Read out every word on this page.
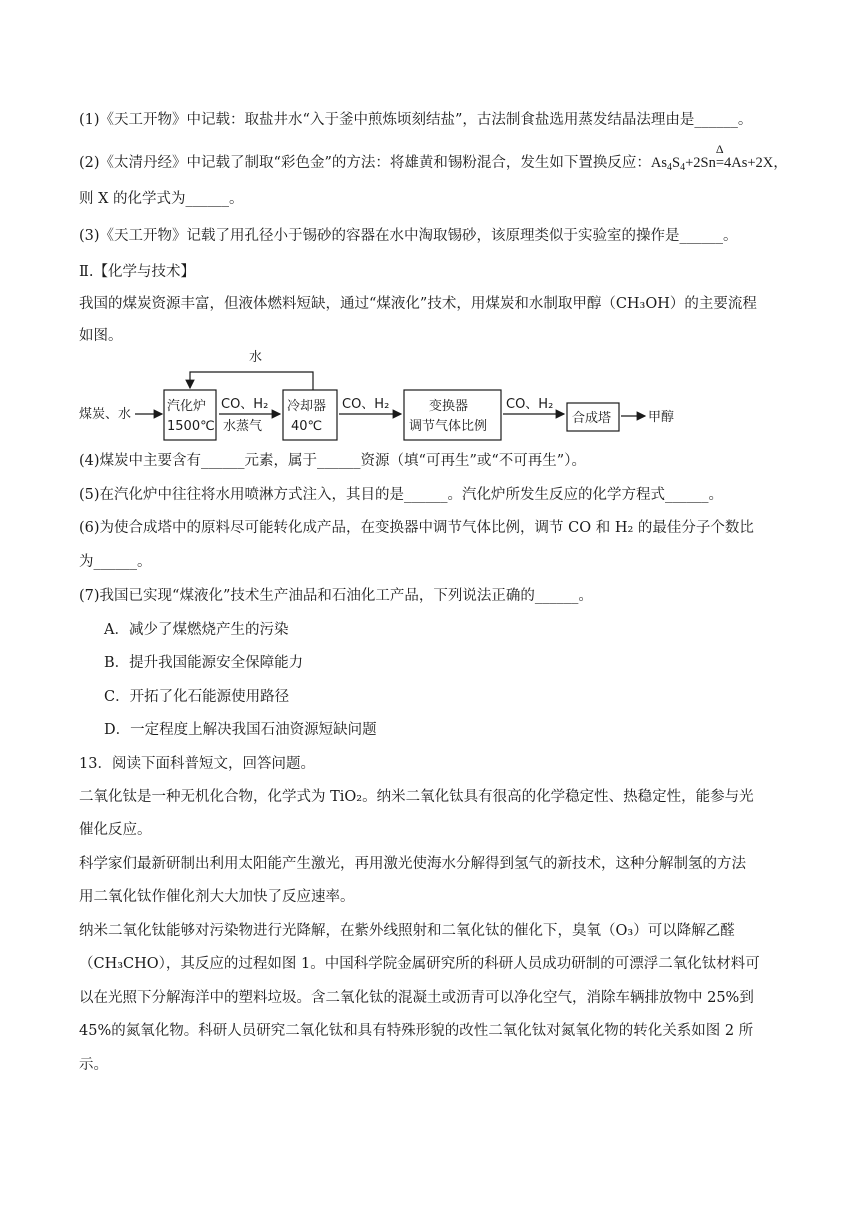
(1)《天工开物》中记载：取盐井水“入于釜中煎炼顷刻结盐”，古法制食盐选用蒸发结晶法理由是______。
(2)《太清丹经》中记载了制取“彩色金”的方法：将雄黄和锡粉混合，发生如下置换反应：$As_4S_4+2Sn$
Δ
=4As+2X，
则 X 的化学式为______。
(3)《天工开物》记载了用孔径小于锡砂的容器在水中淘取锡砂，该原理类似于实验室的操作是______。
Ⅱ.【化学与技术】
我国的煤炭资源丰富，但液体燃料短缺，通过“煤液化”技术，用煤炭和水制取甲醇（CH₃OH）的主要流程
如图。
水
煤炭、水
汽化炉
1500℃
CO、H₂
水蒸气
冷却器
40℃
CO、H₂	变换器
调节气体比例
CO、H₂
合成塔	甲醇
(4)煤炭中主要含有______元素，属于______资源（填“可再生”或“不可再生”）。
(5)在汽化炉中往往将水用喷淋方式注入，其目的是______。汽化炉所发生反应的化学方程式______。
(6)为使合成塔中的原料尽可能转化成产品，在变换器中调节气体比例，调节 CO 和 H₂ 的最佳分子个数比
为______。
(7)我国已实现“煤液化”技术生产油品和石油化工产品，下列说法正确的______。
A．减少了煤燃烧产生的污染
B．提升我国能源安全保障能力
C．开拓了化石能源使用路径
D．一定程度上解决我国石油资源短缺问题
13．阅读下面科普短文，回答问题。
二氧化钛是一种无机化合物，化学式为 TiO₂。纳米二氧化钛具有很高的化学稳定性、热稳定性，能参与光
催化反应。
科学家们最新研制出利用太阳能产生激光，再用激光使海水分解得到氢气的新技术，这种分解制氢的方法
用二氧化钛作催化剂大大加快了反应速率。
纳米二氧化钛能够对污染物进行光降解，在紫外线照射和二氧化钛的催化下，臭氧（O₃）可以降解乙醛
（CH₃CHO），其反应的过程如图 1。中国科学院金属研究所的科研人员成功研制的可漂浮二氧化钛材料可
以在光照下分解海洋中的塑料垃圾。含二氧化钛的混凝土或沥青可以净化空气，消除车辆排放物中 25%到
45%的氮氧化物。科研人员研究二氧化钛和具有特殊形貌的改性二氧化钛对氮氧化物的转化关系如图 2 所
示。
